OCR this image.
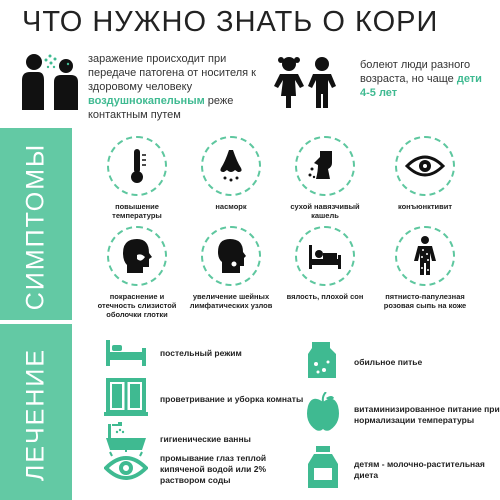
ЧТО НУЖНО ЗНАТЬ О КОРИ
заражение происходит при передаче патогена от носителя к здоровому человеку воздушнокапельным реже контактным путем
болеют люди разного возраста, но чаще дети 4-5 лет
СИМПТОМЫ
ЛЕЧЕНИЕ
повышение температуры
насморк	сухой навязчивый кашель
конъюнктивит
покраснение и отечность слизистой оболочки глотки
увеличение шейных лимфатических узлов
вялость, плохой сон	пятнисто-папулезная розовая сыпь на коже
постельный режим
проветривание и уборка комнаты
гигиенические ванны
промывание глаз теплой кипяченой водой или 2% раствором соды
обильное питье
витаминизированное питание при нормализации температуры
детям - молочно-растительная диета
